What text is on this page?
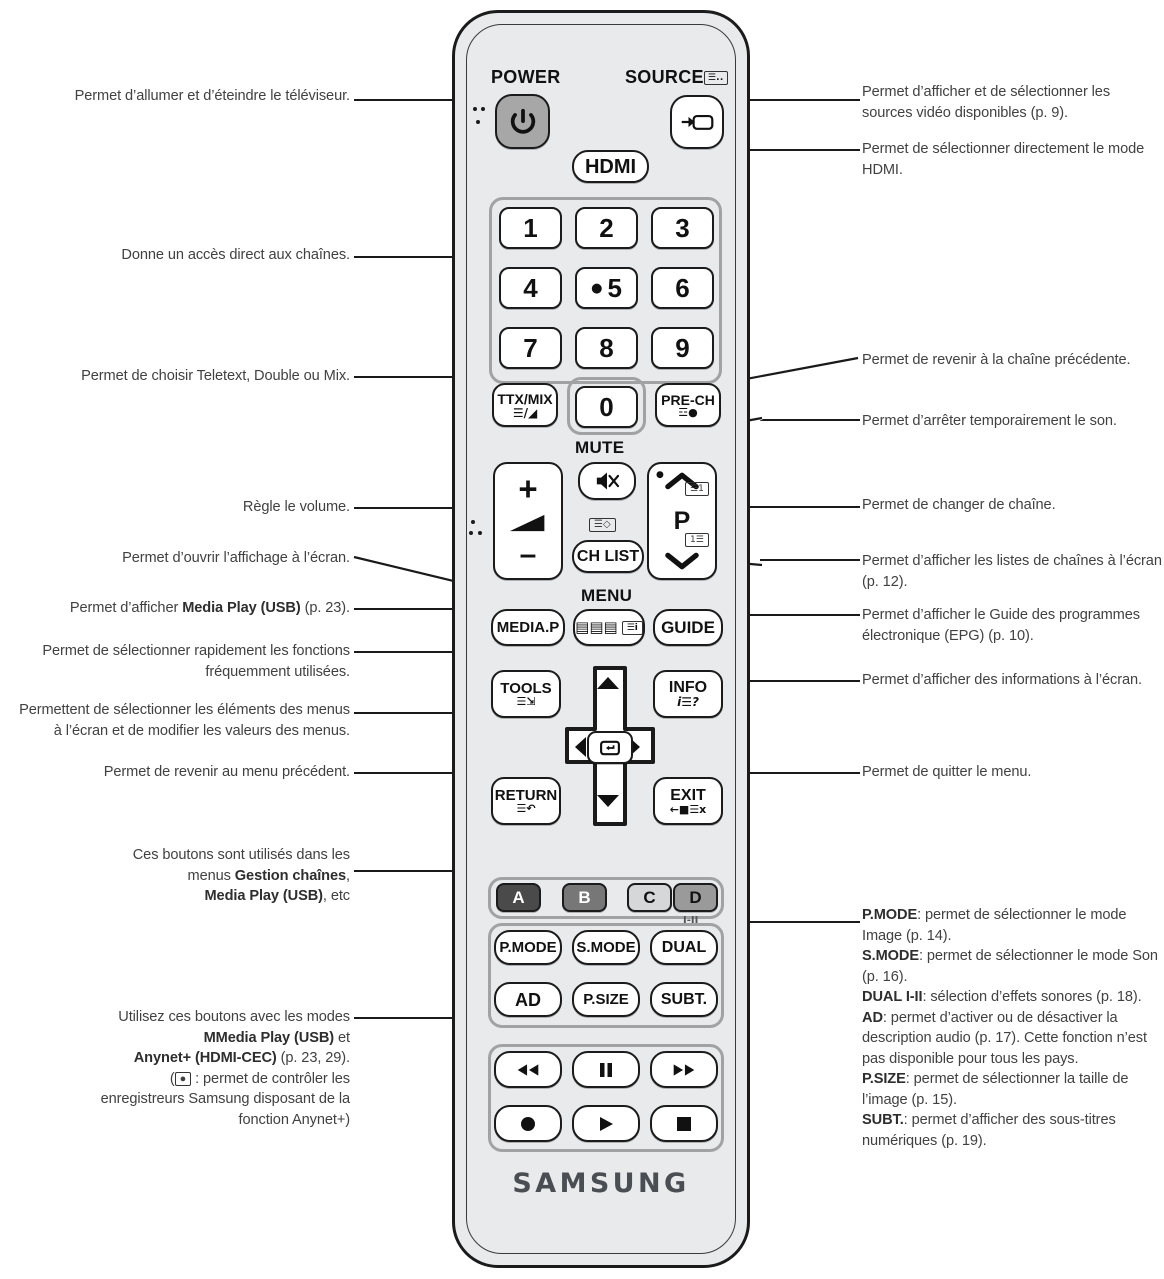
Permet d’allumer et d’éteindre le téléviseur.
Donne un accès direct aux chaînes.
Permet de choisir Teletext, Double ou Mix.
Règle le volume.
Permet d’ouvrir l’affichage à l’écran.
Permet d’afficher Media Play (USB) (p. 23).
Permet de sélectionner rapidement les fonctions fréquemment utilisées.
Permettent de sélectionner les éléments des menus à l’écran et de modifier les valeurs des menus.
Permet de revenir au menu précédent.
Ces boutons sont utilisés dans les
menus Gestion chaînes,
Media Play (USB), etc
Utilisez ces boutons avec les modes
MMedia Play (USB) et
Anynet+ (HDMI-CEC) (p. 23, 29).
( ● : permet de contrôler les
enregistreurs Samsung disposant de la
fonction Anynet+)
Permet d’afficher et de sélectionner les sources vidéo disponibles (p. 9).
Permet de sélectionner directement le mode HDMI.
Permet de revenir à la chaîne précédente.
Permet d’arrêter temporairement le son.
Permet de changer de chaîne.
Permet d’afficher les listes de chaînes à l’écran (p. 12).
Permet d’afficher le Guide des programmes électronique (EPG) (p. 10).
Permet d’afficher des informations à l’écran.
Permet de quitter le menu.
P.MODE: permet de sélectionner le mode Image (p. 14).
S.MODE: permet de sélectionner le mode Son (p. 16).
DUAL I-II: sélection d’effets sonores (p. 18).
AD: permet d’activer ou de désactiver la description audio (p. 17). Cette fonction n’est pas disponible pour tous les pays.
P.SIZE: permet de sélectionner la taille de l’image (p. 15).
SUBT.: permet d’afficher des sous-titres numériques (p. 19).
POWER	SOURCE ☰..
HDMI
1 2 3
4	● 5 6
7 8 9
TTX/MIX
☰/◢ 0	PRE-CH
☲●
MUTE
+
–
P
●
☲1
1☰
☰◇
CH LIST
MENU
MEDIA.P ▤▤▤	☰i GUIDE
TOOLS
☰⇲
INFO
i☰?
RETURN
☰↶
EXIT
←■☰x
A	B	C D
I-II
P.MODE S.MODE DUAL
AD	P.SIZE SUBT.
SAMSUNG
